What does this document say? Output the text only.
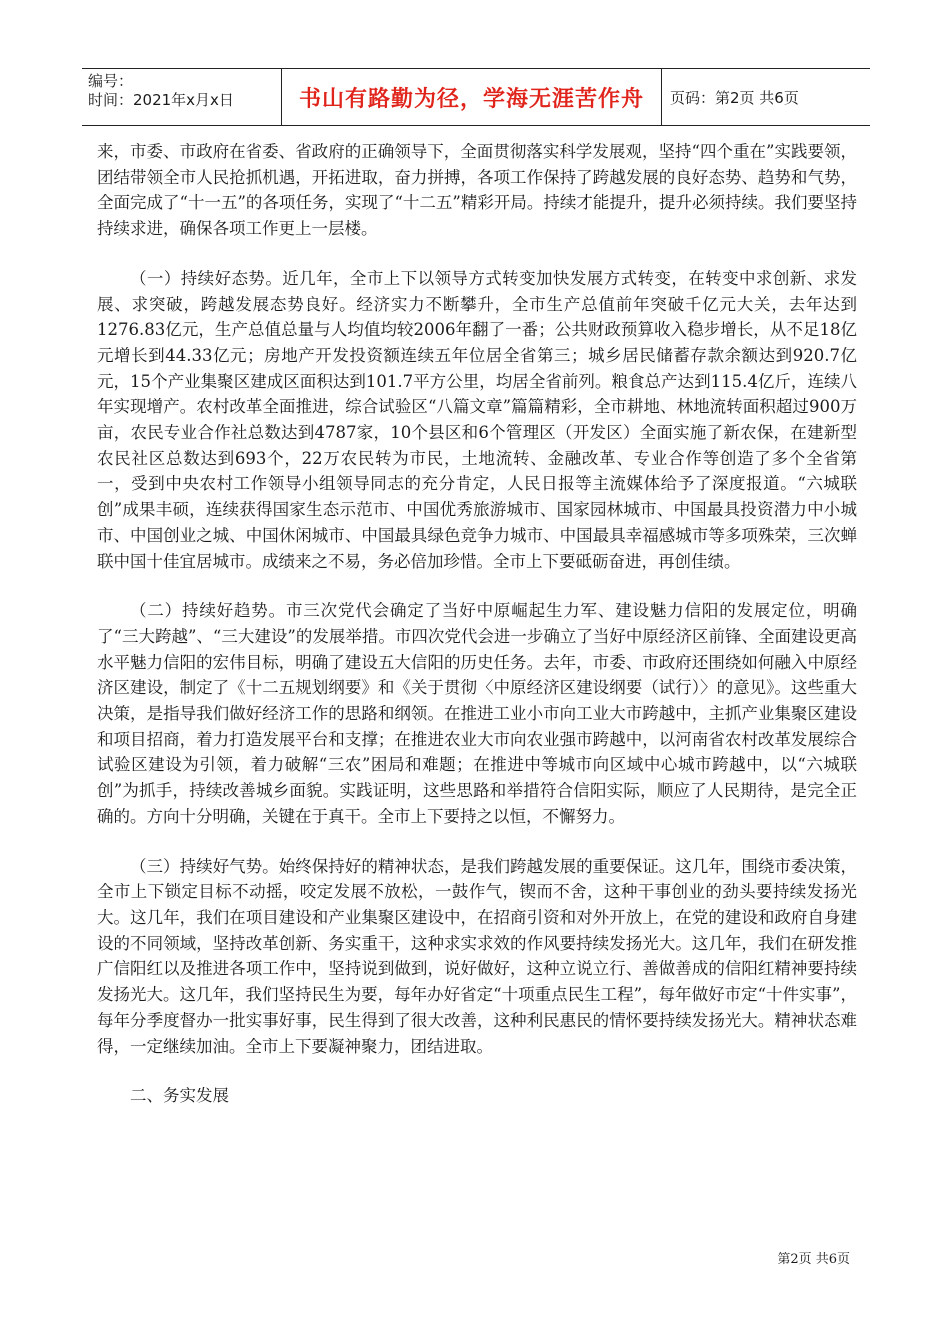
编号：
时间：2021年x月x日	书山有路勤为径，学海无涯苦作舟	页码：第2页 共6页

来，市委、市政府在省委、省政府的正确领导下，全面贯彻落实科学发展观，坚持“四个重在”实践要领，团结带领全市人民抢抓机遇，开拓进取，奋力拼搏，各项工作保持了跨越发展的良好态势、趋势和气势，全面完成了“十一五”的各项任务，实现了“十二五”精彩开局。持续才能提升，提升必须持续。我们要坚持持续求进，确保各项工作更上一层楼。

（一）持续好态势。近几年，全市上下以领导方式转变加快发展方式转变，在转变中求创新、求发展、求突破，跨越发展态势良好。经济实力不断攀升，全市生产总值前年突破千亿元大关，去年达到1276.83亿元，生产总值总量与人均值均较2006年翻了一番；公共财政预算收入稳步增长，从不足18亿元增长到44.33亿元；房地产开发投资额连续五年位居全省第三；城乡居民储蓄存款余额达到920.7亿元，15个产业集聚区建成区面积达到101.7平方公里，均居全省前列。粮食总产达到115.4亿斤，连续八年实现增产。农村改革全面推进，综合试验区“八篇文章”篇篇精彩，全市耕地、林地流转面积超过900万亩，农民专业合作社总数达到4787家，10个县区和6个管理区（开发区）全面实施了新农保，在建新型农民社区总数达到693个，22万农民转为市民，土地流转、金融改革、专业合作等创造了多个全省第一，受到中央农村工作领导小组领导同志的充分肯定，人民日报等主流媒体给予了深度报道。“六城联创”成果丰硕，连续获得国家生态示范市、中国优秀旅游城市、国家园林城市、中国最具投资潜力中小城市、中国创业之城、中国休闲城市、中国最具绿色竞争力城市、中国最具幸福感城市等多项殊荣，三次蝉联中国十佳宜居城市。成绩来之不易，务必倍加珍惜。全市上下要砥砺奋进，再创佳绩。

（二）持续好趋势。市三次党代会确定了当好中原崛起生力军、建设魅力信阳的发展定位，明确了“三大跨越”、“三大建设”的发展举措。市四次党代会进一步确立了当好中原经济区前锋、全面建设更高水平魅力信阳的宏伟目标，明确了建设五大信阳的历史任务。去年，市委、市政府还围绕如何融入中原经济区建设，制定了《十二五规划纲要》和《关于贯彻〈中原经济区建设纲要（试行）〉的意见》。这些重大决策，是指导我们做好经济工作的思路和纲领。在推进工业小市向工业大市跨越中，主抓产业集聚区建设和项目招商，着力打造发展平台和支撑；在推进农业大市向农业强市跨越中，以河南省农村改革发展综合试验区建设为引领，着力破解“三农”困局和难题；在推进中等城市向区域中心城市跨越中，以“六城联创”为抓手，持续改善城乡面貌。实践证明，这些思路和举措符合信阳实际，顺应了人民期待，是完全正确的。方向十分明确，关键在于真干。全市上下要持之以恒，不懈努力。

（三）持续好气势。始终保持好的精神状态，是我们跨越发展的重要保证。这几年，围绕市委决策，全市上下锁定目标不动摇，咬定发展不放松，一鼓作气，锲而不舍，这种干事创业的劲头要持续发扬光大。这几年，我们在项目建设和产业集聚区建设中，在招商引资和对外开放上，在党的建设和政府自身建设的不同领域，坚持改革创新、务实重干，这种求实求效的作风要持续发扬光大。这几年，我们在研发推广信阳红以及推进各项工作中，坚持说到做到，说好做好，这种立说立行、善做善成的信阳红精神要持续发扬光大。这几年，我们坚持民生为要，每年办好省定“十项重点民生工程”，每年做好市定“十件实事”，每年分季度督办一批实事好事，民生得到了很大改善，这种利民惠民的情怀要持续发扬光大。精神状态难得，一定继续加油。全市上下要凝神聚力，团结进取。

二、务实发展

第2页 共6页
